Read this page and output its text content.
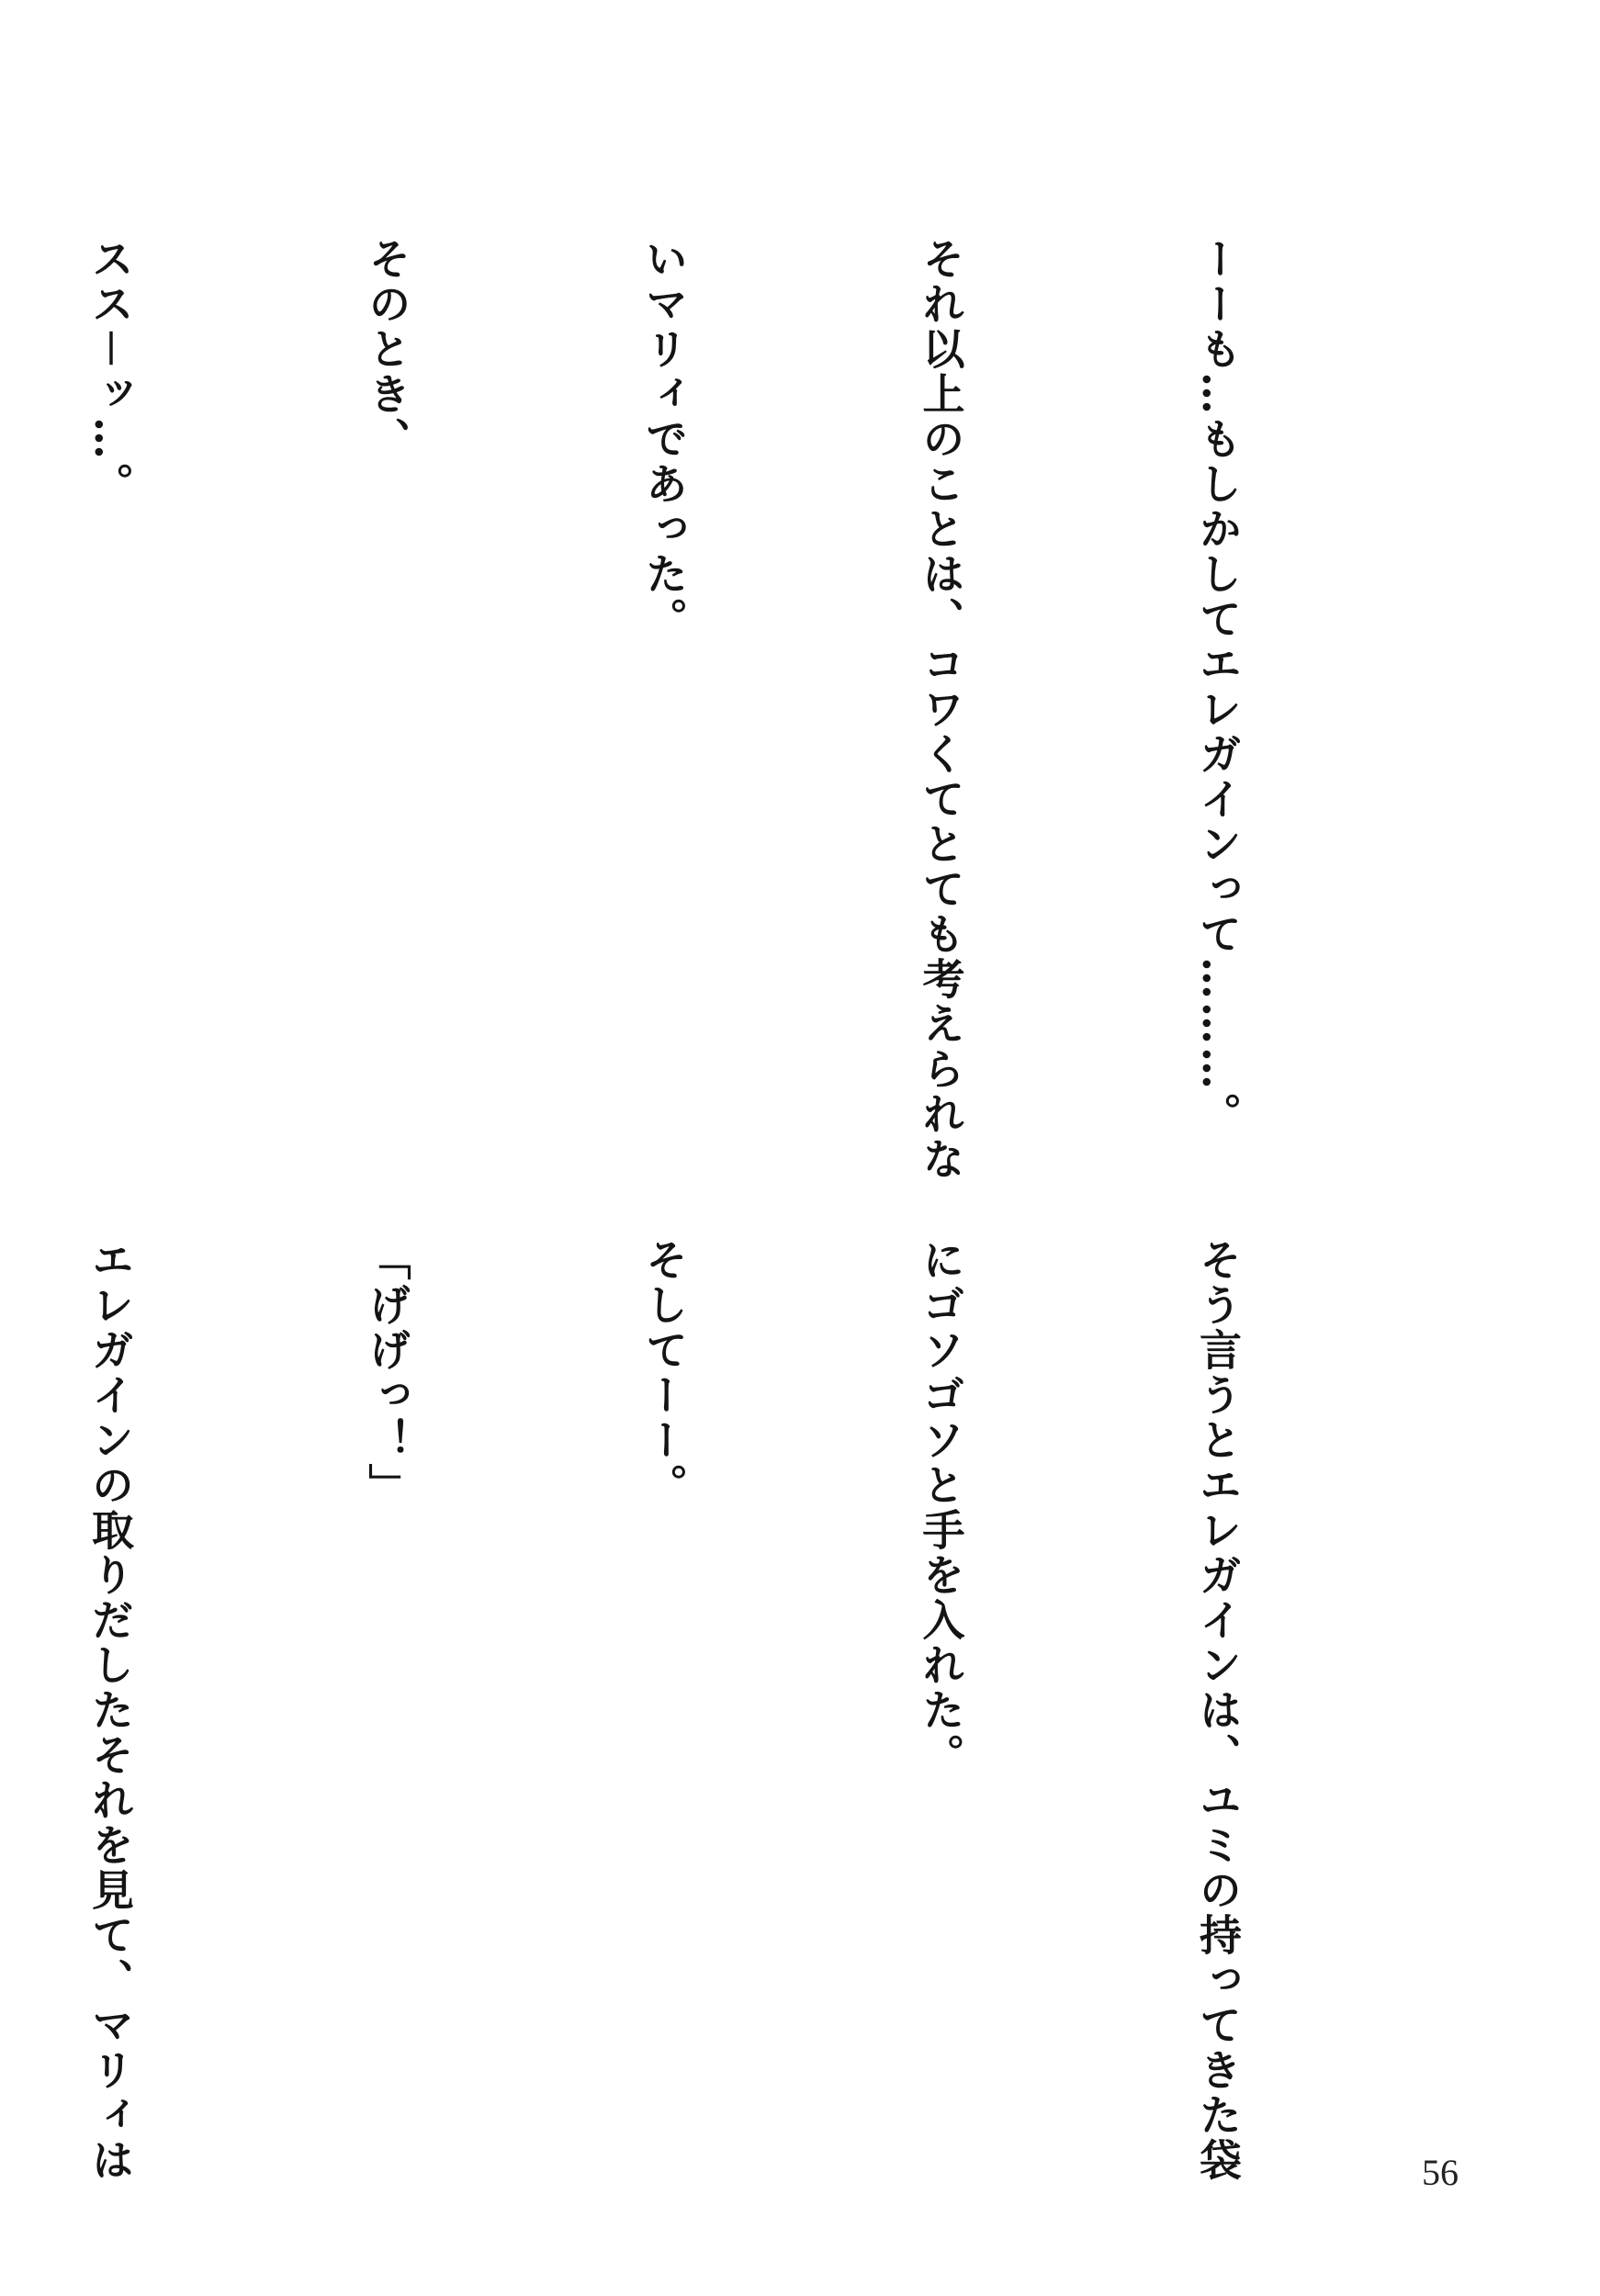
ーーも…もしかしてエレガインって………。

それ以上のことは、コワくてとても考えられな

いマリィであった。

そのとき、

スス－ッ…。

そう言うとエレガインは、ユミの持ってきた袋

にゴソゴソと手を入れた。

そしてーー。

「げげっ！」

エレガインの取りだしたそれを見て、マリィは

	56
